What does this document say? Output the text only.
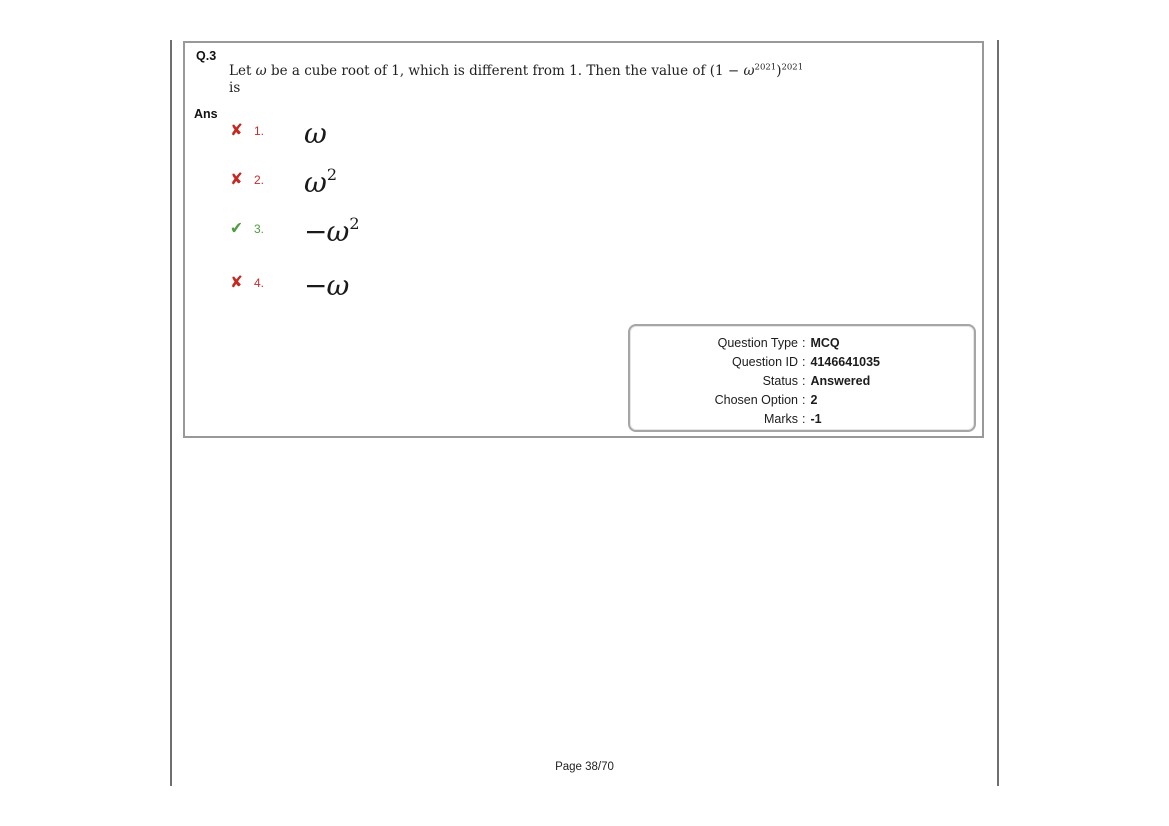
Q.3
Let ω be a cube root of 1, which is different from 1. Then the value of $(1 - \omega^{2021})^{2021}$
is
Ans
✘ 1.	ω
✘ 2.	$\omega^2$
✔ 3.	$-\omega^2$
✘ 4.	−ω
Question Type : MCQ
Question ID : 4146641035
Status : Answered
Chosen Option : 2
Marks : -1
Page 38/70
